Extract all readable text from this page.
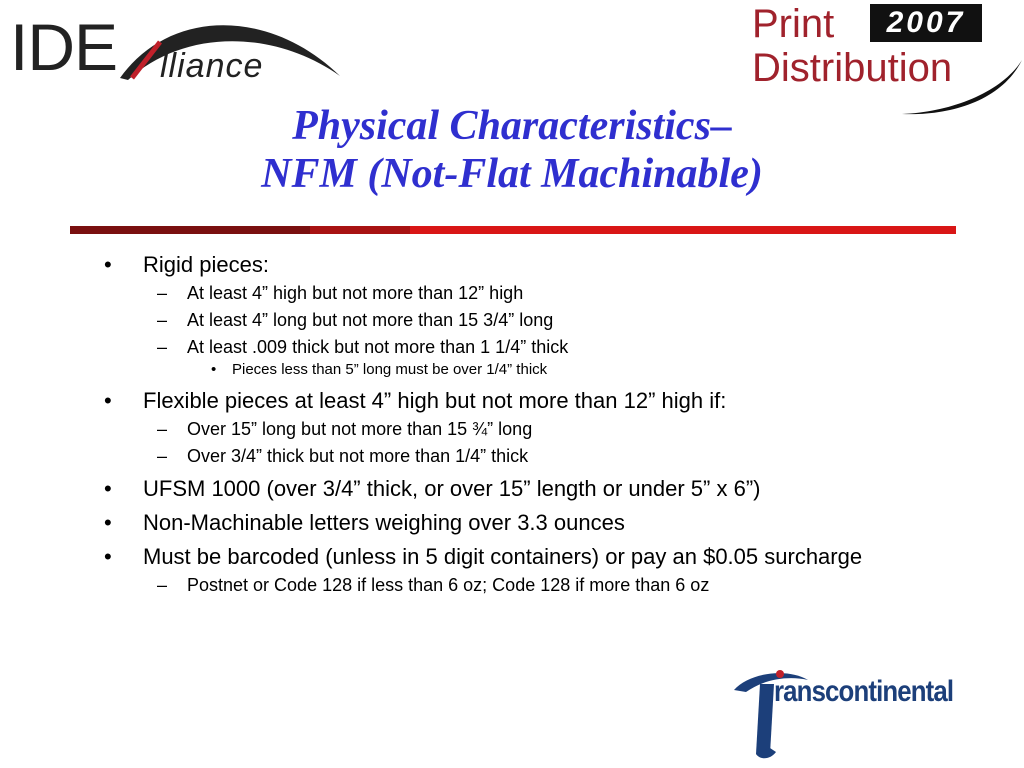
IDE lliance
Print	2007
Distribution
Physical Characteristics–
NFM (Not-Flat Machinable)
• Rigid pieces:
– At least 4” high but not more than 12” high
– At least 4” long but not more than 15 3/4” long
– At least .009 thick but not more than 1 1/4” thick
• Pieces less than 5” long must be over 1/4” thick
• Flexible pieces at least 4” high but not more than 12” high if:
– Over 15” long but not more than 15 ¾” long
– Over 3/4” thick but not more than 1/4” thick
• UFSM 1000 (over 3/4” thick, or over 15” length or under 5” x 6”)
• Non-Machinable letters weighing over 3.3 ounces
• Must be barcoded (unless in 5 digit containers) or pay an $0.05 surcharge
– Postnet or Code 128 if less than 6 oz; Code 128 if more than 6 oz
ranscontinental
